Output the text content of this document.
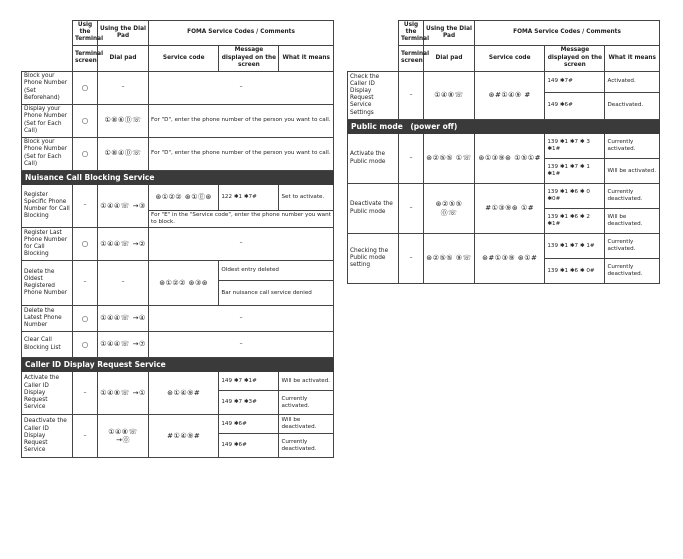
	Usig the Terminal	Using the Dial Pad	FOMA Service Codes / Comments		
	Terminal screen	Dial pad	Service code	Message displayed on the screen	What it means
Block your Phone Number (Set Beforehand)	○	–	–		
Display your Phone Number (Set for Each Call)	○	①⑧⑥Ⓓ☏	For "D", enter the phone number of the person you want to call.		
Block your Phone Number (Set for Each Call)	○	①⑧④Ⓓ☏	For "D", enter the phone number of the person you want to call.		
Nuisance Call Blocking Service					
Register Specific Phone Number for Call Blocking	–	①④④☏ →③	⊛①②② ⊛①Ⓔ⊛	122 ✱1 ✱7#	Set to activate.
			For "E" in the "Service code", enter the phone number you want to block.		
Register Last Phone Number for Call Blocking	○	①④④☏ →②	–		
Delete the Oldest Registered Phone Number	–	–	⊛①②② ⊛③⊛	Oldest entry deleted	
				Bar nuisance call service denied	
Delete the Latest Phone Number	○	①④④☏ →④	–		
Clear Call Blocking List	○	①④④☏ →⑦	–		
Caller ID Display Request Service					
Activate the Caller ID Display Request Service	–	①④⑧☏ →①	⊛①④⑨#	149 ✱7 ✱1#	Will be activated.
				149 ✱7 ✱3#	Currently activated.
Deactivate the Caller ID Display Request Service	–	①④⑧☏ →⓪	#①④⑨#	149 ✱6#	Will be deactivated.
				149 ✱6#	Currently deactivated.
	Usig the Terminal	Using the Dial Pad	FOMA Service Codes / Comments		
	Terminal screen	Dial pad	Service code	Message displayed on the screen	What it means
Check the Caller ID Display Request Service Settings	–	①④⑧☏	⊛#①④⑨ #	149 ✱7#	Activated.
				149 ✱6#	Deactivated.
Public mode　(power off)					
Activate the Public mode	–	⊛②⑤⑤ ①☏	⊛①③⑨⊛ ①⑤①#	139 ✱1 ✱7 ✱ 3 ✱1#	Currently activated.
				139 ✱1 ✱7 ✱ 1 ✱1#	Will be activated.
Deactivate the Public mode	–	⊛②⑤⑤ ⓪☏	#①③⑨⊛ ①#	139 ✱1 ✱6 ✱ 0 ✱0#	Currently deactivated.
				139 ✱1 ✱6 ✱ 2 ✱1#	Will be deactivated.
Checking the Public mode setting	–	⊛②⑤⑤ ⑨☏	⊛#①③⑨ ⊛①#	139 ✱1 ✱7 ✱ 1#	Currently activated.
				139 ✱1 ✱6 ✱ 0#	Currently deactivated.
